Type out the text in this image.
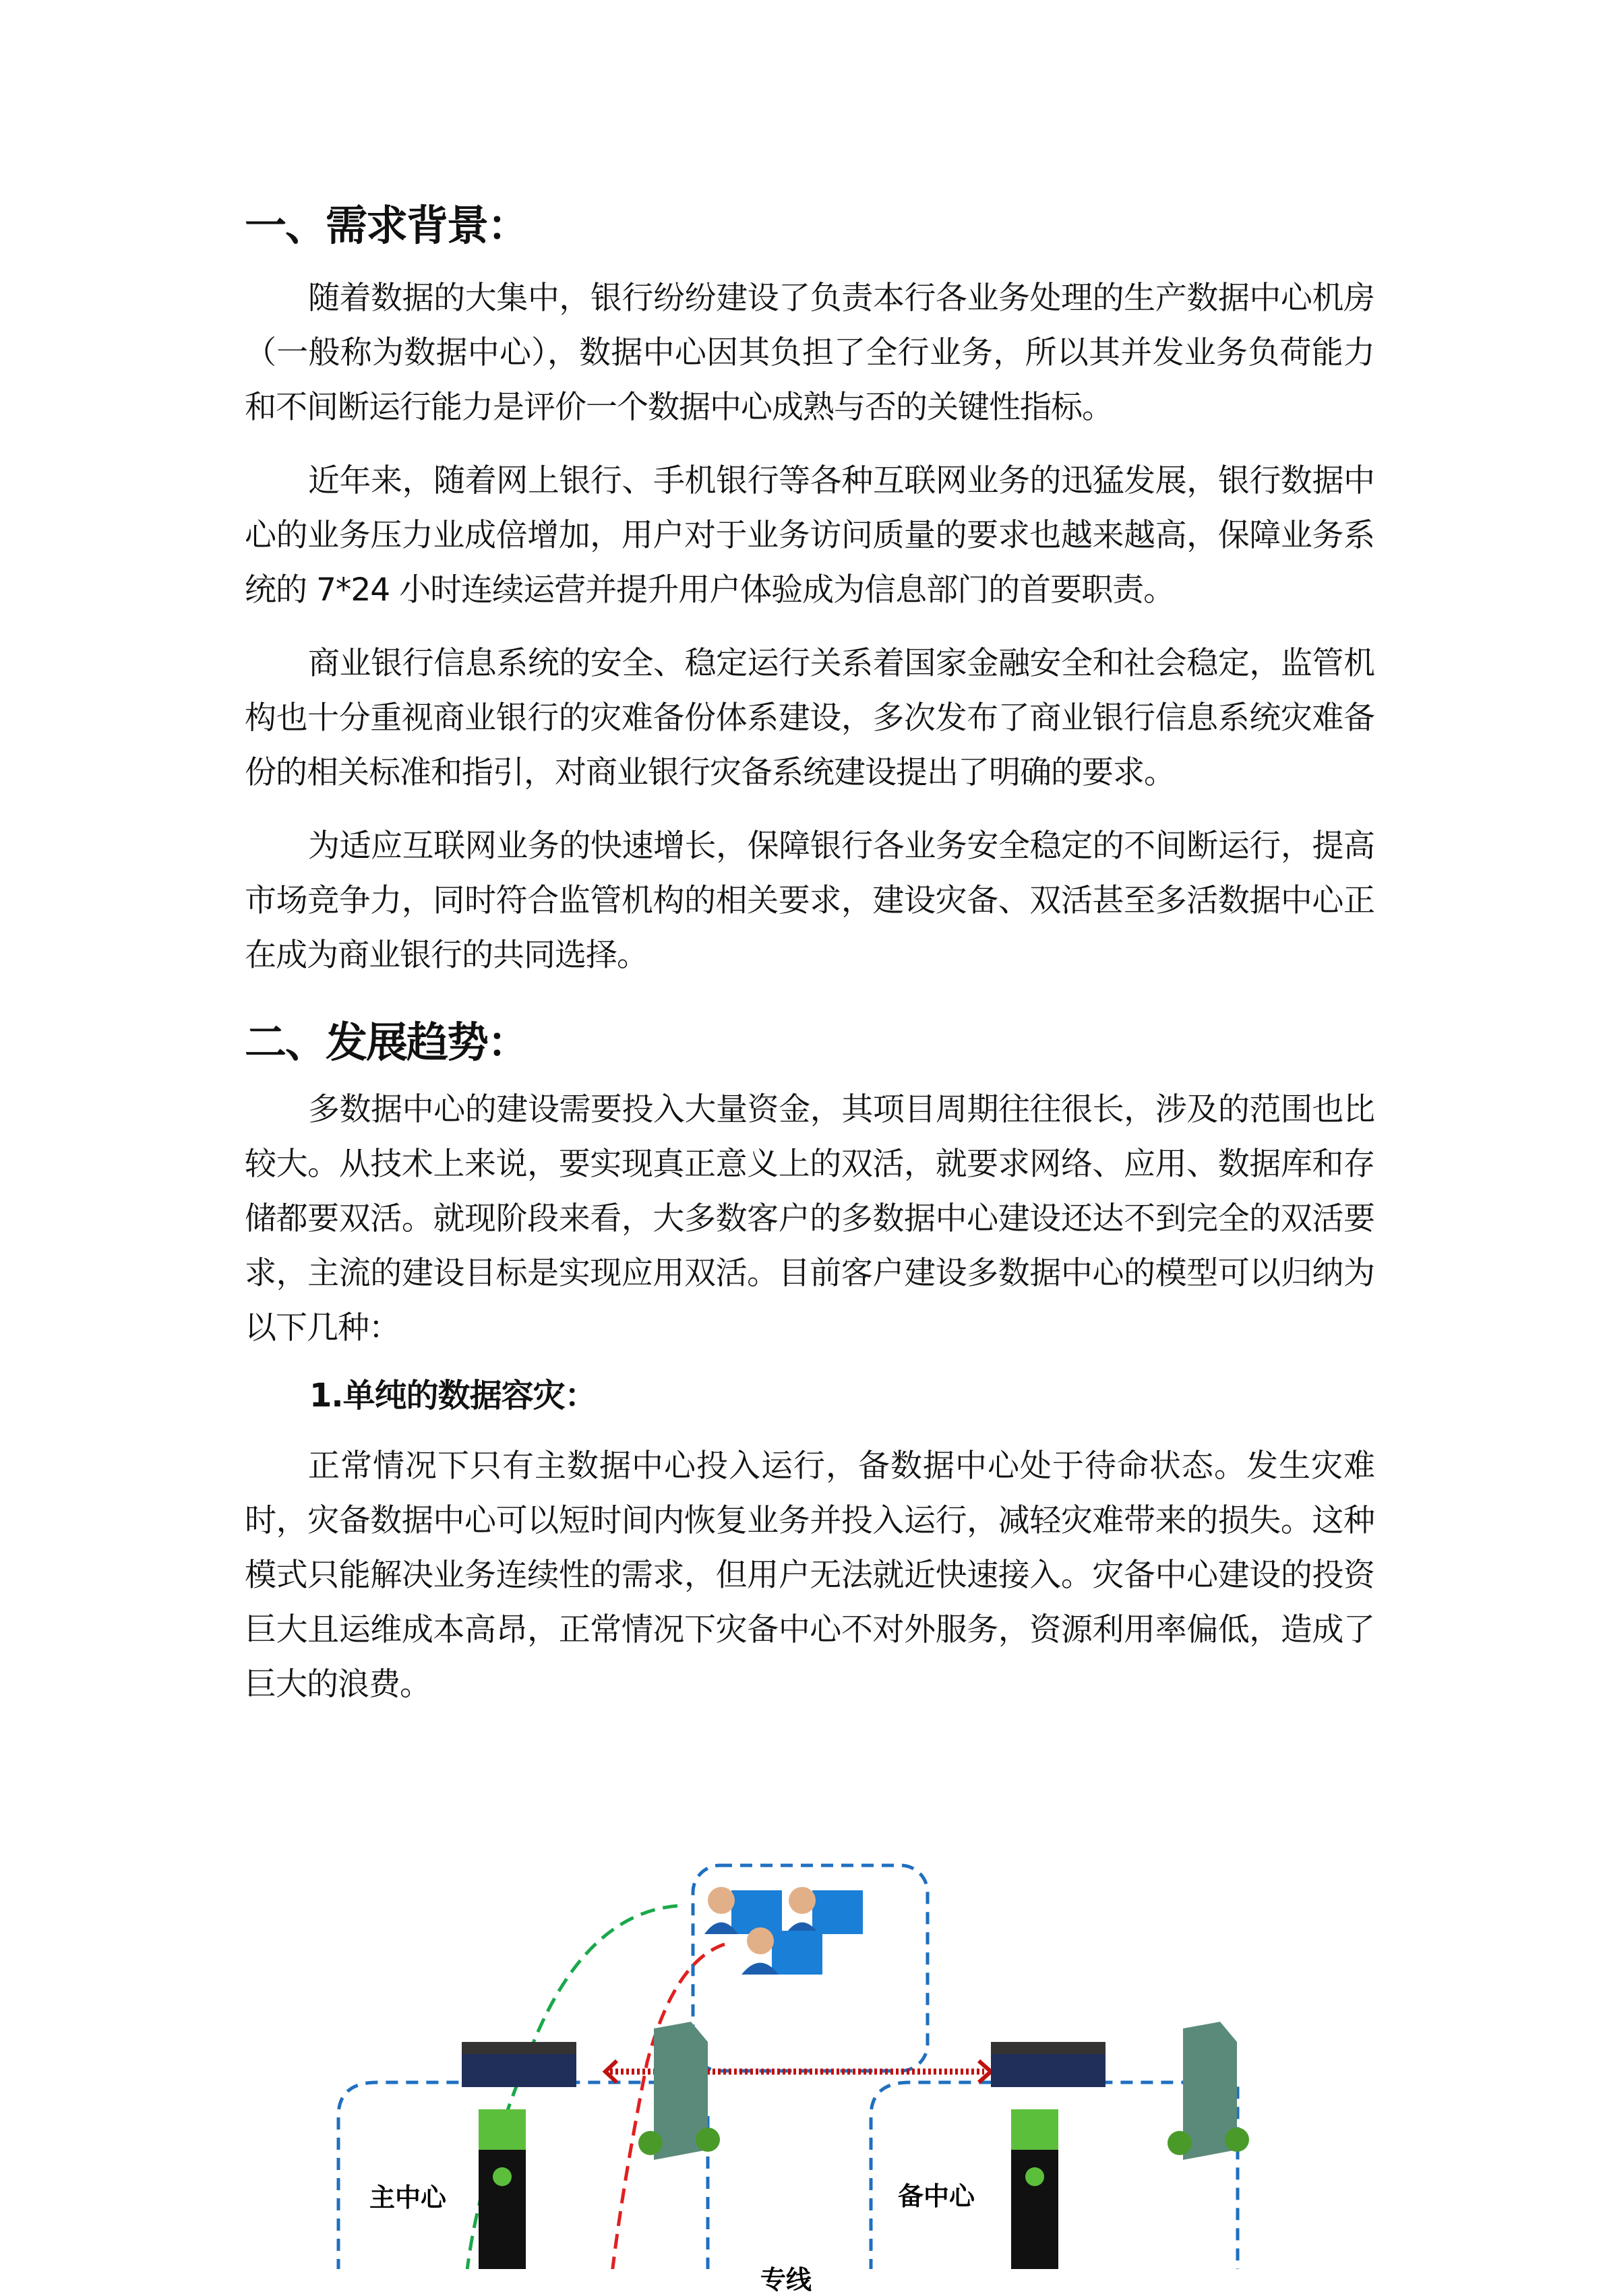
一、需求背景：

随着数据的大集中，银行纷纷建设了负责本行各业务处理的生产数据中心机房（一般称为数据中心），数据中心因其负担了全行业务，所以其并发业务负荷能力和不间断运行能力是评价一个数据中心成熟与否的关键性指标。

近年来，随着网上银行、手机银行等各种互联网业务的迅猛发展，银行数据中心的业务压力业成倍增加，用户对于业务访问质量的要求也越来越高，保障业务系统的 7*24 小时连续运营并提升用户体验成为信息部门的首要职责。

商业银行信息系统的安全、稳定运行关系着国家金融安全和社会稳定，监管机构也十分重视商业银行的灾难备份体系建设，多次发布了商业银行信息系统灾难备份的相关标准和指引，对商业银行灾备系统建设提出了明确的要求。

为适应互联网业务的快速增长，保障银行各业务安全稳定的不间断运行，提高市场竞争力，同时符合监管机构的相关要求，建设灾备、双活甚至多活数据中心正在成为商业银行的共同选择。

二、发展趋势：

多数据中心的建设需要投入大量资金，其项目周期往往很长，涉及的范围也比较大。从技术上来说，要实现真正意义上的双活，就要求网络、应用、数据库和存储都要双活。就现阶段来看，大多数客户的多数据中心建设还达不到完全的双活要求，主流的建设目标是实现应用双活。目前客户建设多数据中心的模型可以归纳为以下几种：

1.单纯的数据容灾：

正常情况下只有主数据中心投入运行，备数据中心处于待命状态。发生灾难时，灾备数据中心可以短时间内恢复业务并投入运行，减轻灾难带来的损失。这种模式只能解决业务连续性的需求，但用户无法就近快速接入。灾备中心建设的投资巨大且运维成本高昂，正常情况下灾备中心不对外服务，资源利用率偏低，造成了巨大的浪费。

主中心	备中心
专线
